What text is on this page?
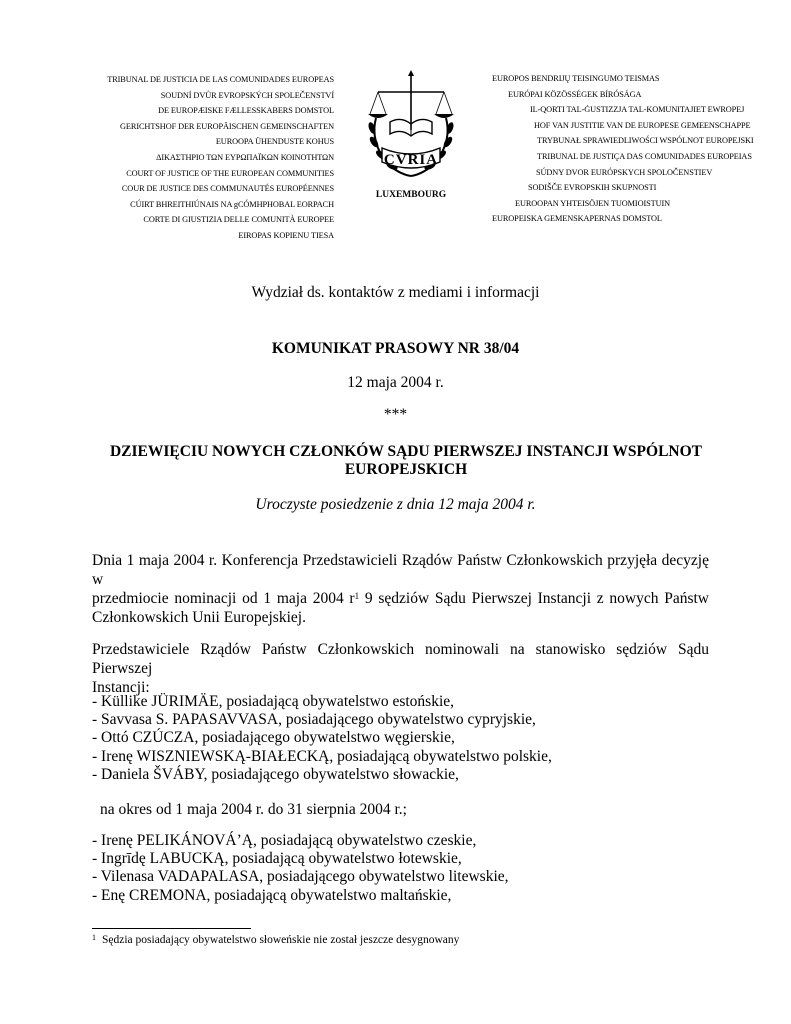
TRIBUNAL DE JUSTICIA DE LAS COMUNIDADES EUROPEAS
SOUDNÍ DVŮR EVROPSKÝCH SPOLEČENSTVÍ
DE EUROPÆISKE FÆLLESSKABERS DOMSTOL
GERICHTSHOF DER EUROPÄISCHEN GEMEINSCHAFTEN
EUROOPA ÜHENDUSTE KOHUS
ΔΙΚΑΣΤΗΡΙΟ ΤΩΝ ΕΥΡΩΠΑΪΚΩΝ ΚΟΙΝΟΤΗΤΩΝ
COURT OF JUSTICE OF THE EUROPEAN COMMUNITIES
COUR DE JUSTICE DES COMMUNAUTÉS EUROPÉENNES
CÚIRT BHREITHIÚNAIS NA gCÓMHPHOBAL EORPACH
CORTE DI GIUSTIZIA DELLE COMUNITÀ EUROPEE
EIROPAS KOPIENU TIESA
CVRIA
LUXEMBOURG
EUROPOS BENDRIJŲ TEISINGUMO TEISMAS
EURÓPAI KÖZÖSSÉGEK BÍRÓSÁGA
IL-QORTI TAL-ĠUSTIZZJA TAL-KOMUNITAJIET EWROPEJ
HOF VAN JUSTITIE VAN DE EUROPESE GEMEENSCHAPPE
TRYBUNAŁ SPRAWIEDLIWOŚCI WSPÓLNOT EUROPEJSKI
TRIBUNAL DE JUSTIÇA DAS COMUNIDADES EUROPEIAS
SÚDNY DVOR EURÓPSKYCH SPOLOČENSTIEV
SODIŠČE EVROPSKIH SKUPNOSTI
EUROOPAN YHTEISÖJEN TUOMIOISTUIN
EUROPEISKA GEMENSKAPERNAS DOMSTOL
Wydział ds. kontaktów z mediami i informacji
KOMUNIKAT PRASOWY NR 38/04
12 maja 2004 r.
***
DZIEWIĘCIU NOWYCH CZŁONKÓW SĄDU PIERWSZEJ INSTANCJI WSPÓLNOT EUROPEJSKICH
Uroczyste posiedzenie z dnia 12 maja 2004 r.
Dnia 1 maja 2004 r. Konferencja Przedstawicieli Rządów Państw Członkowskich przyjęła decyzję w
przedmiocie nominacji od 1 maja 2004 $r^1$ 9 sędziów Sądu Pierwszej Instancji z nowych Państw
Członkowskich Unii Europejskiej.
Przedstawiciele Rządów Państw Członkowskich nominowali na stanowisko sędziów Sądu Pierwszej
Instancji:
- Küllike JÜRIMÄE, posiadającą obywatelstwo estońskie,
- Savvasa S. PAPASAVVASA, posiadającego obywatelstwo cypryjskie,
- Ottó CZÚCZA, posiadającego obywatelstwo węgierskie,
- Irenę WISZNIEWSKĄ-BIAŁECKĄ, posiadającą obywatelstwo polskie,
- Daniela ŠVÁBY, posiadającego obywatelstwo słowackie,
na okres od 1 maja 2004 r. do 31 sierpnia 2004 r.;
- Irenę PELIKÁNOVÁ’Ą, posiadającą obywatelstwo czeskie,
- Ingrīdę LABUCKĄ, posiadającą obywatelstwo łotewskie,
- Vilenasa VADAPALASA, posiadającego obywatelstwo litewskie,
- Enę CREMONA, posiadającą obywatelstwo maltańskie,
$^1$ Sędzia posiadający obywatelstwo słoweńskie nie został jeszcze desygnowany
